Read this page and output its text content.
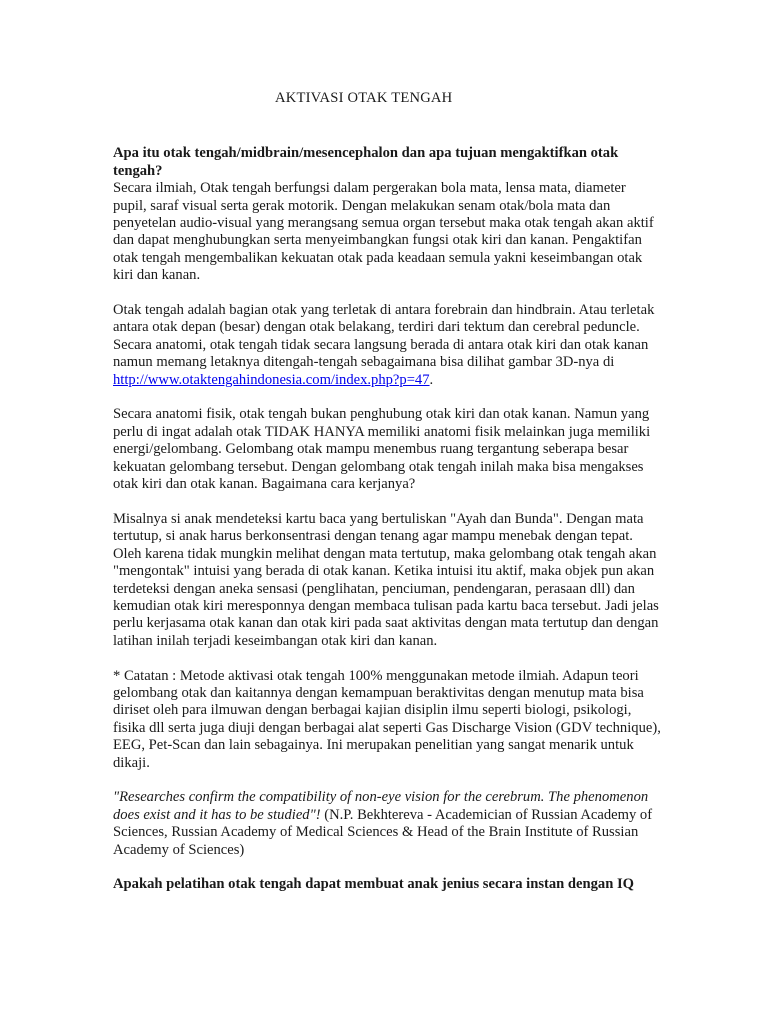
AKTIVASI OTAK TENGAH

Apa itu otak tengah/midbrain/mesencephalon dan apa tujuan mengaktifkan otak tengah?

Secara ilmiah, Otak tengah berfungsi dalam pergerakan bola mata, lensa mata, diameter pupil, saraf visual serta gerak motorik. Dengan melakukan senam otak/bola mata dan penyetelan audio-visual yang merangsang semua organ tersebut maka otak tengah akan aktif dan dapat menghubungkan serta menyeimbangkan fungsi otak kiri dan kanan. Pengaktifan otak tengah mengembalikan kekuatan otak pada keadaan semula yakni keseimbangan otak kiri dan kanan.

Otak tengah adalah bagian otak yang terletak di antara forebrain dan hindbrain. Atau terletak antara otak depan (besar) dengan otak belakang, terdiri dari tektum dan cerebral peduncle. Secara anatomi, otak tengah tidak secara langsung berada di antara otak kiri dan otak kanan namun memang letaknya ditengah-tengah sebagaimana bisa dilihat gambar 3D-nya di http://www.otaktengahindonesia.com/index.php?p=47.

Secara anatomi fisik, otak tengah bukan penghubung otak kiri dan otak kanan. Namun yang perlu di ingat adalah otak TIDAK HANYA memiliki anatomi fisik melainkan juga memiliki energi/gelombang. Gelombang otak mampu menembus ruang tergantung seberapa besar kekuatan gelombang tersebut. Dengan gelombang otak tengah inilah maka bisa mengakses otak kiri dan otak kanan. Bagaimana cara kerjanya?

Misalnya si anak mendeteksi kartu baca yang bertuliskan "Ayah dan Bunda". Dengan mata tertutup, si anak harus berkonsentrasi dengan tenang agar mampu menebak dengan tepat. Oleh karena tidak mungkin melihat dengan mata tertutup, maka gelombang otak tengah akan "mengontak" intuisi yang berada di otak kanan. Ketika intuisi itu aktif, maka objek pun akan terdeteksi dengan aneka sensasi (penglihatan, penciuman, pendengaran, perasaan dll) dan kemudian otak kiri meresponnya dengan membaca tulisan pada kartu baca tersebut. Jadi jelas perlu kerjasama otak kanan dan otak kiri pada saat aktivitas dengan mata tertutup dan dengan latihan inilah terjadi keseimbangan otak kiri dan kanan.

* Catatan : Metode aktivasi otak tengah 100% menggunakan metode ilmiah. Adapun teori gelombang otak dan kaitannya dengan kemampuan beraktivitas dengan menutup mata bisa diriset oleh para ilmuwan dengan berbagai kajian disiplin ilmu seperti biologi, psikologi, fisika dll serta juga diuji dengan berbagai alat seperti Gas Discharge Vision (GDV technique), EEG, Pet-Scan dan lain sebagainya. Ini merupakan penelitian yang sangat menarik untuk dikaji.

"Researches confirm the compatibility of non-eye vision for the cerebrum. The phenomenon does exist and it has to be studied"! (N.P. Bekhtereva - Academician of Russian Academy of Sciences, Russian Academy of Medical Sciences & Head of the Brain Institute of Russian Academy of Sciences)

Apakah pelatihan otak tengah dapat membuat anak jenius secara instan dengan IQ
